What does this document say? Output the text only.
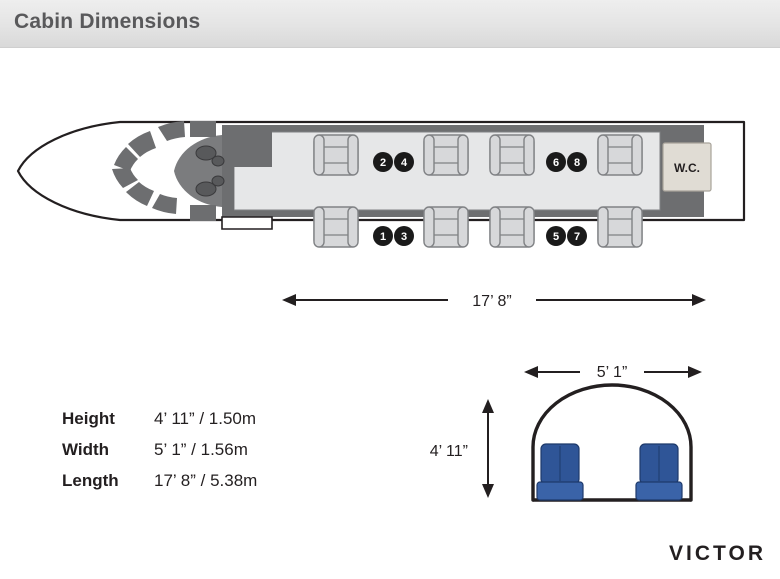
Cabin Dimensions
2 4	6 8
1 3	5 7
W.C.
17’ 8”
5’ 1”
4’ 11”
Height	4’ 11” / 1.50m
Width	5’ 1” / 1.56m
Length	17’ 8” / 5.38m
VICTOR
